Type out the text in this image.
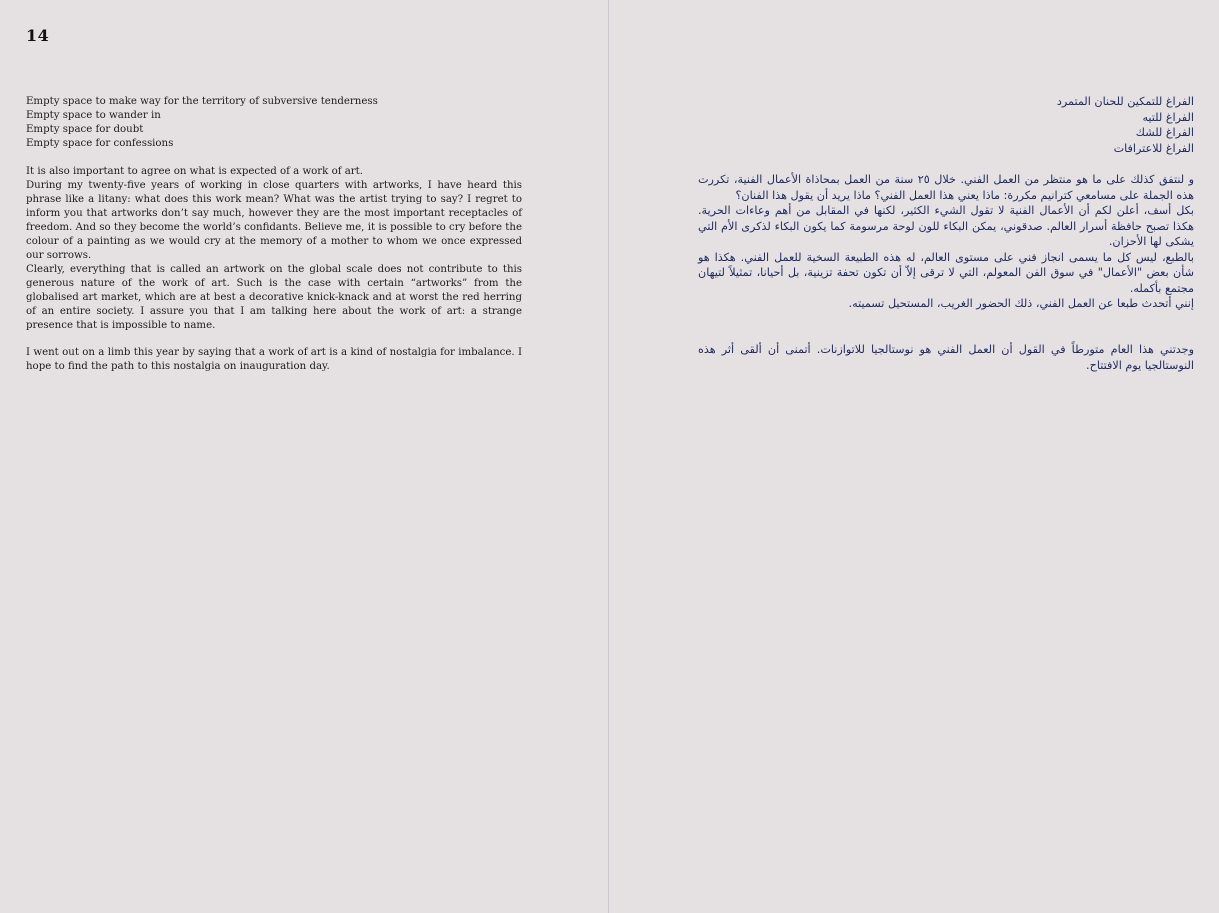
14
Empty space to make way for the territory of subversive tenderness
Empty space to wander in
Empty space for doubt
Empty space for confessions

It is also important to agree on what is expected of a work of art.

During my twenty-five years of working in close quarters with artworks, I have heard this phrase like a litany: what does this work mean? What was the artist trying to say? I regret to inform you that artworks don’t say much, however they are the most important receptacles of freedom. And so they become the world’s confidants. Believe me, it is possible to cry before the colour of a painting as we would cry at the memory of a mother to whom we once expressed our sorrows.

Clearly, everything that is called an artwork on the global scale does not contribute to this generous nature of the work of art. Such is the case with certain “artworks” from the globalised art market, which are at best a decorative knick-knack and at worst the red herring of an entire society. I assure you that I am talking here about the work of art: a strange presence that is impossible to name.

I went out on a limb this year by saying that a work of art is a kind of nostalgia for imbalance. I hope to find the path to this nostalgia on inauguration day.

الفراغ للتمكين للحنان المتمرد
الفراغ للتيه
الفراغ للشك
الفراغ للاعترافات

و لنتفق كذلك على ما هو منتظر من العمل الفني. خلال ٢٥ سنة من العمل بمحاذاة الأعمال الفنية، تكررت هذه الجملة على مسامعي كترانيم مكررة: ماذا يعني هذا العمل الفني؟ ماذا يريد أن يقول هذا الفنان؟

بكل أسف، أعلن لكم أن الأعمال الفنية لا تقول الشيء الكثير، لكنها في المقابل من أهم وعاءات الحرية. هكذا تصبح حافظة أسرار العالم. صدقوني، يمكن البكاء للون لوحة مرسومة كما يكون البكاء لذكرى الأم التي يشكى لها الأحزان.

بالطبع، ليس كل ما يسمى انجاز فني على مستوى العالم، له هذه الطبيعة السخية للعمل الفني. هكذا هو شأن بعض "الأعمال" في سوق الفن المعولم، التي لا ترقى إلاّ أن تكون تحفة تزينية، بل أحيانا، تمثيلاً لتيهان مجتمع بأكمله.

إنني أتحدث طبعا عن العمل الفني، ذلك الحضور الغريب، المستحيل تسميته.

وجدتني هذا العام متورطاً في القول أن العمل الفني هو نوستالجيا للاتوازنات. أتمنى أن ألقى أثر هذه النوستالجيا يوم الافتتاح.
